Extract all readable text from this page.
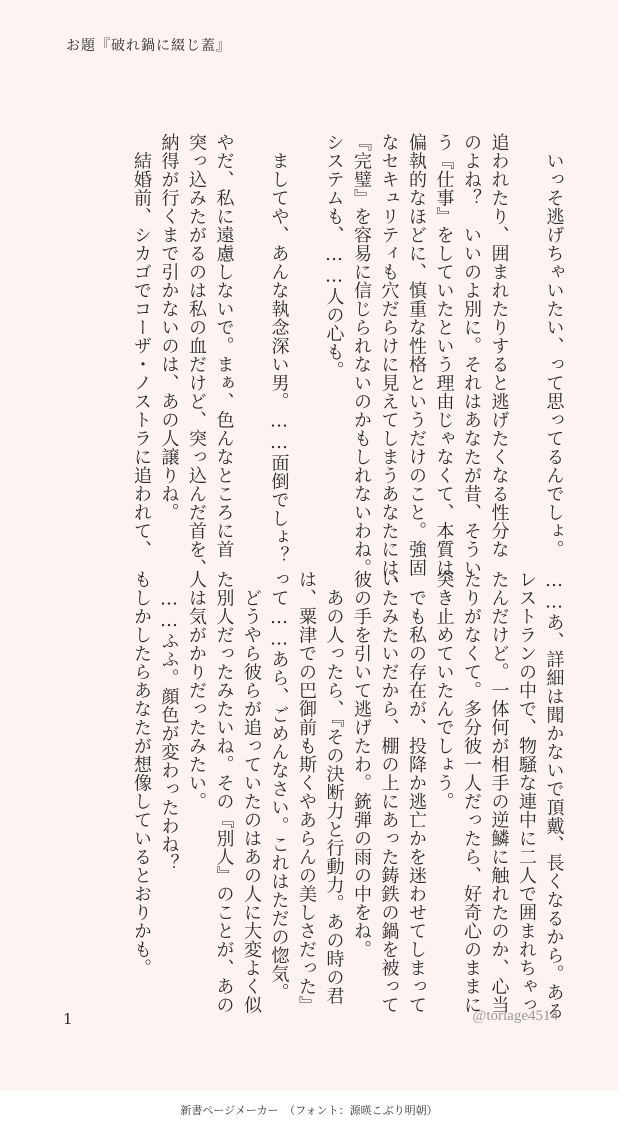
お題『破れ鍋に綴じ蓋』

　いっそ逃げちゃいたい、って思ってるんでしょ。

追われたり、囲まれたりすると逃げたくなる性分な

のよね？　いいのよ別に。それはあなたが昔、そうい

う『仕事』をしていたという理由じゃなくて、本質は

偏執的なほどに、慎重な性格というだけのこと。強固

なセキュリティも穴だらけに見えてしまうあなたには、

『完璧』を容易に信じられないのかもしれないわね。

システムも、……人の心も。

　ましてや、あんな執念深い男。……面倒でしょ？

やだ、私に遠慮しないで。まぁ、色んなところに首

突っ込みたがるのは私の血だけど、突っ込んだ首を、

納得が行くまで引かないのは、あの人譲りね。

　結婚前、シカゴでコーザ・ノストラに追われて、

……あ、詳細は聞かないで頂戴、長くなるから。ある

レストランの中で、物騒な連中に二人で囲まれちゃっ

たんだけど。一体何が相手の逆鱗に触れたのか、心当

たりがなくて。多分彼一人だったら、好奇心のままに

突き止めていたんでしょう。

　でも私の存在が、投降か逃亡かを迷わせてしまって

いたみたいだから、棚の上にあった鋳鉄の鍋を被って

彼の手を引いて逃げたわ。銃弾の雨の中をね。

　あの人ったら、『その決断力と行動力。あの時の君

は、粟津での巴御前も斯くやあらんの美しさだった』

って……あら、ごめんなさい。これはただの惚気。

　どうやら彼らが追っていたのはあの人に大変よく似

た別人だったみたいね。その『別人』のことが、あの

人は気がかりだったみたい。

　……ふふ。顔色が変わったわね？

もしかしたらあなたが想像しているとおりかも。

1	@toriage4514
新書ページメーカー　（フォント：源暎こぶり明朝）
